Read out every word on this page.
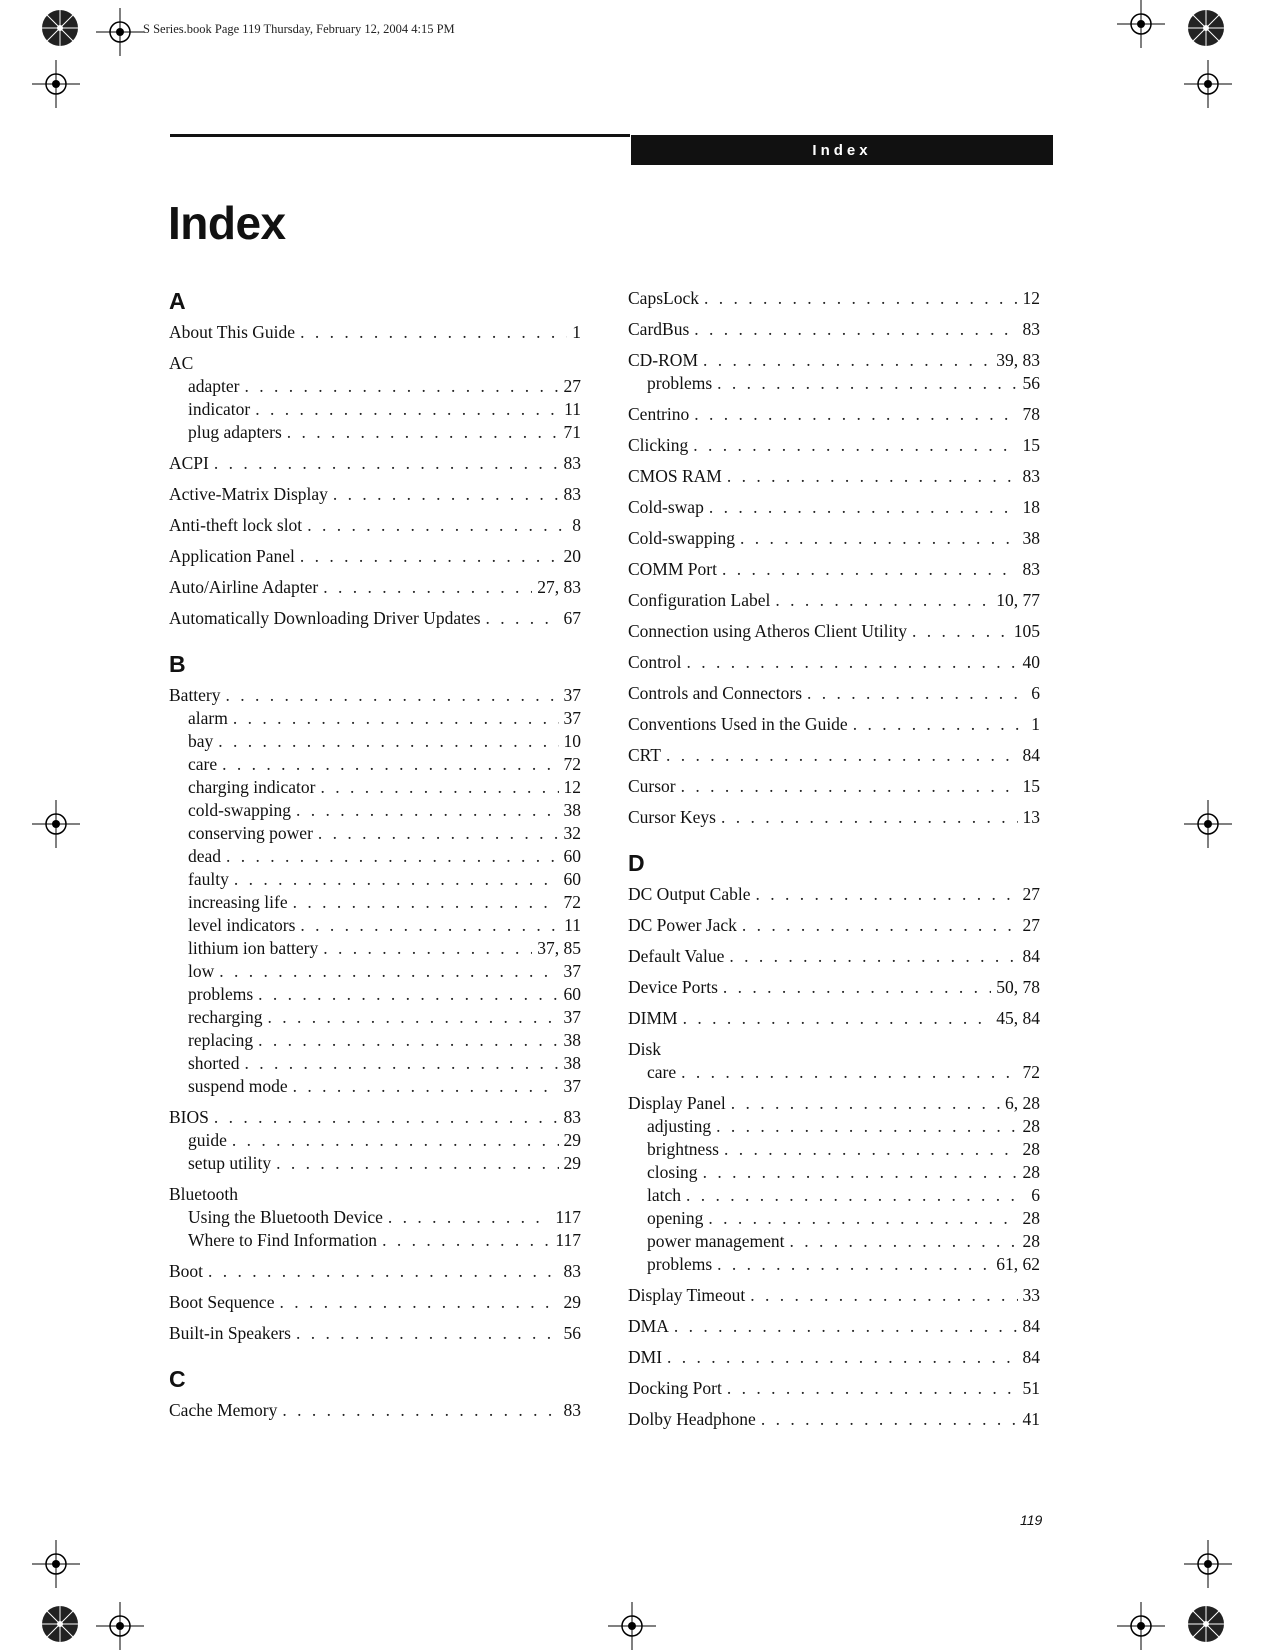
S Series.book Page 119 Thursday, February 12, 2004 4:15 PM
Index
Index
A
About This Guide . . .	1
AC
adapter . . .	27
indicator . . .	11
plug adapters . . .	71
ACPI . . .	83
Active-Matrix Display . . .	83
Anti-theft lock slot . . .	8
Application Panel . . .	20
Auto/Airline Adapter . . .	27, 83
Automatically Downloading Driver Updates . . .	67
B
Battery . . .	37
alarm . . .	37
bay . . .	10
care . . .	72
charging indicator . . .	12
cold-swapping . . .	38
conserving power . . .	32
dead . . .	60
faulty . . .	60
increasing life . . .	72
level indicators . . .	11
lithium ion battery . . .	37, 85
low . . .	37
problems . . .	60
recharging . . .	37
replacing . . .	38
shorted . . .	38
suspend mode . . .	37
BIOS . . .	83
guide . . .	29
setup utility . . .	29
Bluetooth
Using the Bluetooth Device . . .	117
Where to Find Information . . .	117
Boot . . .	83
Boot Sequence . . .	29
Built-in Speakers . . .	56
C
Cache Memory . . .	83
CapsLock . . .	12
CardBus . . .	83
CD-ROM . . .	39, 83
problems . . .	56
Centrino . . .	78
Clicking . . .	15
CMOS RAM . . .	83
Cold-swap . . .	18
Cold-swapping . . .	38
COMM Port . . .	83
Configuration Label . . .	10, 77
Connection using Atheros Client Utility . . .	105
Control . . .	40
Controls and Connectors . . .	6
Conventions Used in the Guide . . .	1
CRT . . .	84
Cursor . . .	15
Cursor Keys . . .	13
D
DC Output Cable . . .	27
DC Power Jack . . .	27
Default Value . . .	84
Device Ports . . .	50, 78
DIMM . . .	45, 84
Disk
care . . .	72
Display Panel . . .	6, 28
adjusting . . .	28
brightness . . .	28
closing . . .	28
latch . . .	6
opening . . .	28
power management . . .	28
problems . . .	61, 62
Display Timeout . . .	33
DMA . . .	84
DMI . . .	84
Docking Port . . .	51
Dolby Headphone . . .	41
119
